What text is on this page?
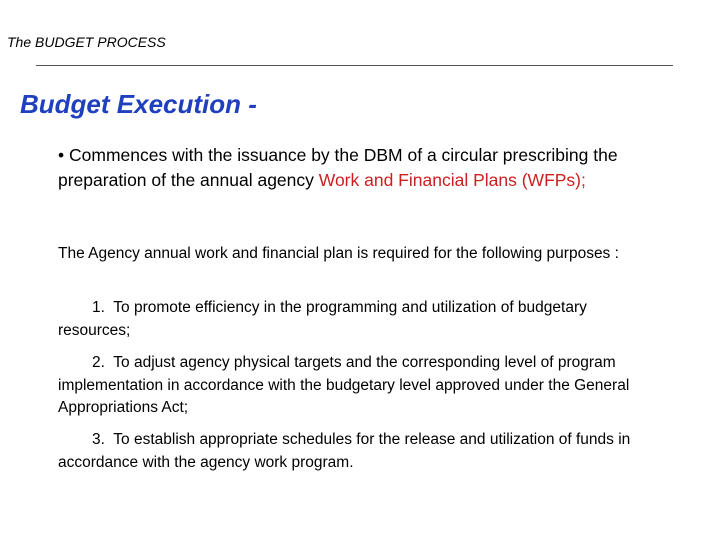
The BUDGET PROCESS
Budget Execution -
• Commences with the issuance by the DBM of a circular prescribing the preparation of the annual agency Work and Financial Plans (WFPs);
The Agency annual work and financial plan is required for the following purposes :
1. To promote efficiency in the programming and utilization of budgetary resources;
2. To adjust agency physical targets and the corresponding level of program implementation in accordance with the budgetary level approved under the General Appropriations Act;
3. To establish appropriate schedules for the release and utilization of funds in accordance with the agency work program.
